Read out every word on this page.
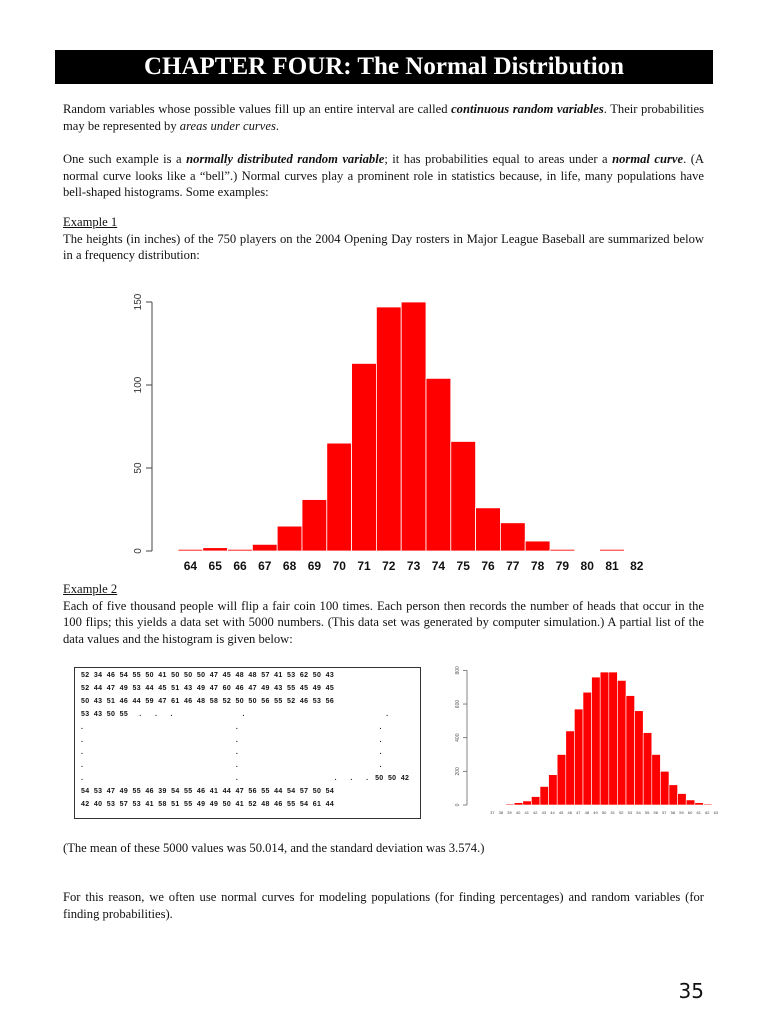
CHAPTER FOUR: The Normal Distribution
Random variables whose possible values fill up an entire interval are called continuous random variables. Their probabilities may be represented by areas under curves.
One such example is a normally distributed random variable; it has probabilities equal to areas under a normal curve. (A normal curve looks like a “bell”.) Normal curves play a prominent role in statistics because, in life, many populations have bell-shaped histograms. Some examples:
Example 1
The heights (in inches) of the 750 players on the 2004 Opening Day rosters in Major League Baseball are summarized below in a frequency distribution:
0
50
100
150
64 65 66 67 68 69 70 71 72 73 74 75 76 77 78 79 80 81 82
Example 2
Each of five thousand people will flip a fair coin 100 times. Each person then records the number of heads that occur in the 100 flips; this yields a data set with 5000 numbers. (This data set was generated by computer simulation.) A partial list of the data values and the histogram is given below:
52  34  46  54  55  50  41  50  50  50  47  45  48  48  57  41  53  62  50  43
52  44  47  49  53  44  45  51  43  49  47  60  46  47  49  43  55  45  49  45
50  43  51  46  44  59  47  61  46  48  58  52  50  50  56  55  52  46  53  56
53  43  50  55     .      .      .                               .                                                               .
.                                                                    .                                                               .
.                                                                    .                                                               .
.                                                                    .                                                               .
.                                                                    .                                                               .
.                                                                    .                                           .      .      .   50  50  42
54  53  47  49  55  46  39  54  55  46  41  44  47  56  55  44  54  57  50  54
42  40  53  57  53  41  58  51  55  49  49  50  41  52  48  46  55  54  61  44	0
200
400
600
800
37 38 39 40 41 42 43 44 45 46 47 48 49 50 51 52 53 54 55 56 57 58 59 60 61 62 63
(The mean of these 5000 values was 50.014, and the standard deviation was 3.574.)
For this reason, we often use normal curves for modeling populations (for finding percentages) and random variables (for finding probabilities).
35
